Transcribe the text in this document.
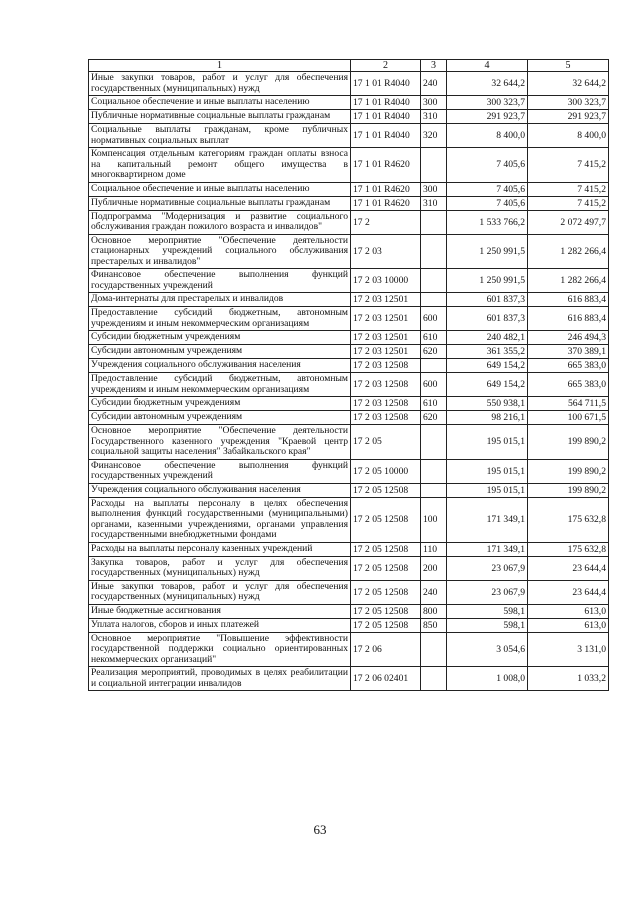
1	2	3	4	5
Иные закупки товаров, работ и услуг для обеспечения государственных (муниципальных) нужд	17 1 01 R4040	240	32 644,2	32 644,2
Социальное обеспечение и иные выплаты населению	17 1 01 R4040	300	300 323,7	300 323,7
Публичные нормативные социальные выплаты гражданам	17 1 01 R4040	310	291 923,7	291 923,7
Социальные выплаты гражданам, кроме публичных нормативных социальных выплат	17 1 01 R4040	320	8 400,0	8 400,0
Компенсация отдельным категориям граждан оплаты взноса на капитальный ремонт общего имущества в многоквартирном доме	17 1 01 R4620		7 405,6	7 415,2
Социальное обеспечение и иные выплаты населению	17 1 01 R4620	300	7 405,6	7 415,2
Публичные нормативные социальные выплаты гражданам	17 1 01 R4620	310	7 405,6	7 415,2
Подпрограмма "Модернизация и развитие социального обслуживания граждан пожилого возраста и инвалидов"	17 2		1 533 766,2	2 072 497,7
Основное мероприятие "Обеспечение деятельности стационарных учреждений социального обслуживания престарелых и инвалидов"	17 2 03		1 250 991,5	1 282 266,4
Финансовое обеспечение выполнения функций государственных учреждений	17 2 03 10000		1 250 991,5	1 282 266,4
Дома-интернаты для престарелых и инвалидов	17 2 03 12501		601 837,3	616 883,4
Предоставление субсидий бюджетным, автономным учреждениям и иным некоммерческим организациям	17 2 03 12501	600	601 837,3	616 883,4
Субсидии бюджетным учреждениям	17 2 03 12501	610	240 482,1	246 494,3
Субсидии автономным учреждениям	17 2 03 12501	620	361 355,2	370 389,1
Учреждения социального обслуживания населения	17 2 03 12508		649 154,2	665 383,0
Предоставление субсидий бюджетным, автономным учреждениям и иным некоммерческим организациям	17 2 03 12508	600	649 154,2	665 383,0
Субсидии бюджетным учреждениям	17 2 03 12508	610	550 938,1	564 711,5
Субсидии автономным учреждениям	17 2 03 12508	620	98 216,1	100 671,5
Основное мероприятие "Обеспечение деятельности Государственного казенного учреждения "Краевой центр социальной защиты населения" Забайкальского края"	17 2 05		195 015,1	199 890,2
Финансовое обеспечение выполнения функций государственных учреждений	17 2 05 10000		195 015,1	199 890,2
Учреждения социального обслуживания населения	17 2 05 12508		195 015,1	199 890,2
Расходы на выплаты персоналу в целях обеспечения выполнения функций государственными (муниципальными) органами, казенными учреждениями, органами управления государственными внебюджетными фондами	17 2 05 12508	100	171 349,1	175 632,8
Расходы на выплаты персоналу казенных учреждений	17 2 05 12508	110	171 349,1	175 632,8
Закупка товаров, работ и услуг для обеспечения государственных (муниципальных) нужд	17 2 05 12508	200	23 067,9	23 644,4
Иные закупки товаров, работ и услуг для обеспечения государственных (муниципальных) нужд	17 2 05 12508	240	23 067,9	23 644,4
Иные бюджетные ассигнования	17 2 05 12508	800	598,1	613,0
Уплата налогов, сборов и иных платежей	17 2 05 12508	850	598,1	613,0
Основное мероприятие "Повышение эффективности государственной поддержки социально ориентированных некоммерческих организаций"	17 2 06		3 054,6	3 131,0
Реализация мероприятий, проводимых в целях реабилитации и социальной интеграции инвалидов	17 2 06 02401		1 008,0	1 033,2
63
